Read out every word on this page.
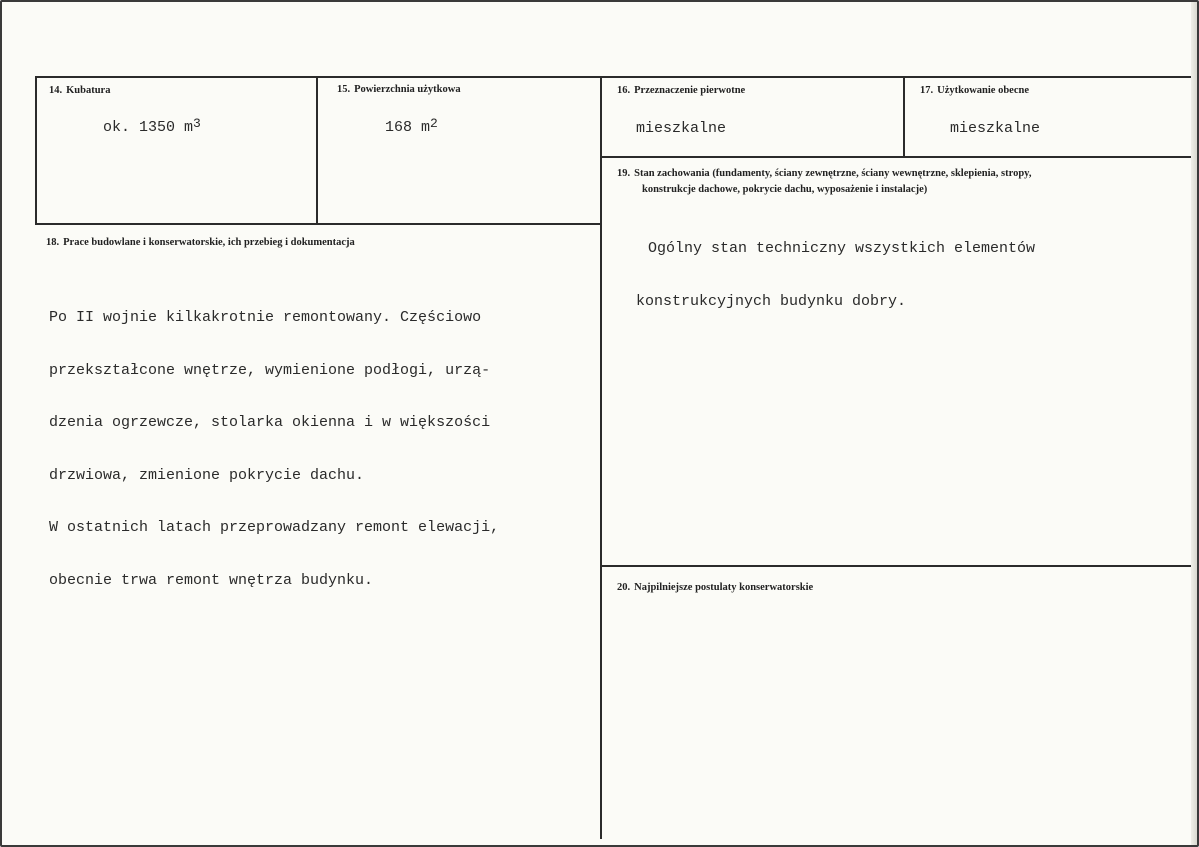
14. Kubatura
ok. 1350 $m^3$
15. Powierzchnia użytkowa
168 $m^2$
16. Przeznaczenie pierwotne
mieszkalne
17. Użytkowanie obecne
mieszkalne
18. Prace budowlane i konserwatorskie, ich przebieg i dokumentacja

Po II wojnie kilkakrotnie remontowany. Częściowo

przekształcone wnętrze, wymienione podłogi, urzą-

dzenia ogrzewcze, stolarka okienna i w większości

drzwiowa, zmienione pokrycie dachu.

W ostatnich latach przeprowadzany remont elewacji,

obecnie trwa remont wnętrza budynku.

19. Stan zachowania (fundamenty, ściany zewnętrzne, ściany wewnętrzne, sklepienia, stropy,
konstrukcje dachowe, pokrycie dachu, wyposażenie i instalacje)

Ogólny stan techniczny wszystkich elementów

konstrukcyjnych budynku dobry.

20. Najpilniejsze postulaty konserwatorskie
